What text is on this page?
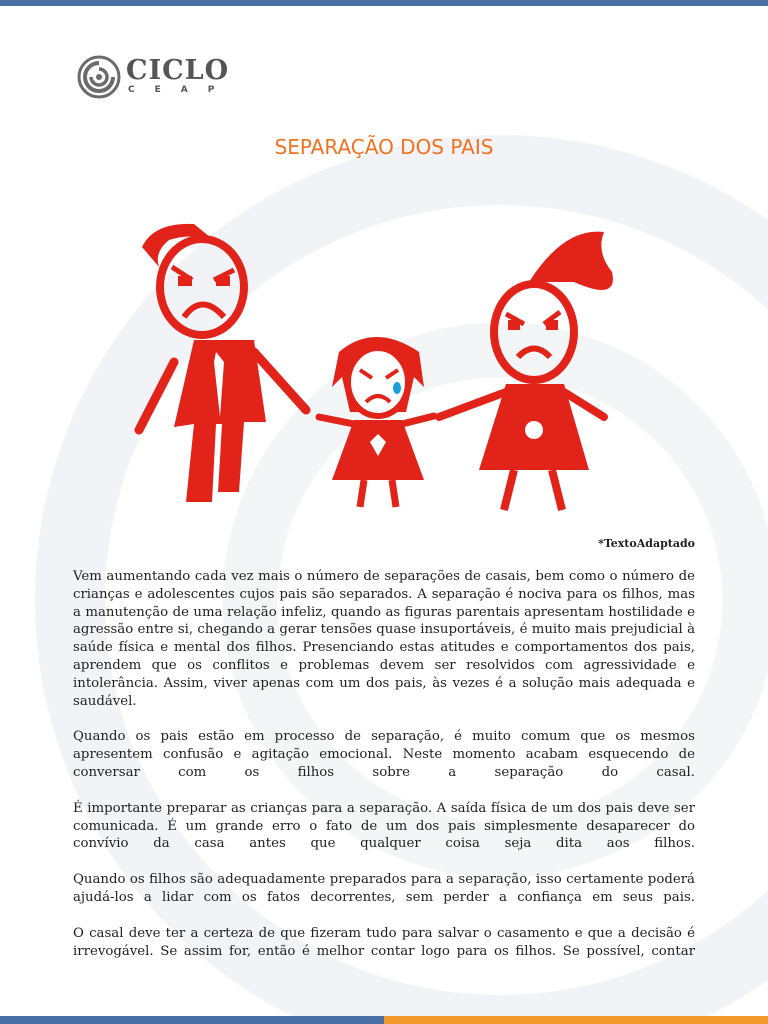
CICLO
CEAP
SEPARAÇÃO DOS PAIS
*TextoAdaptado

Vem aumentando cada vez mais o número de separações de casais, bem como o número de crianças e adolescentes cujos pais são separados. A separação é nociva para os filhos, mas a manutenção de uma relação infeliz, quando as figuras parentais apresentam hostilidade e agressão entre si, chegando a gerar tensões quase insuportáveis, é muito mais prejudicial à saúde física e mental dos filhos. Presenciando estas atitudes e comportamentos dos pais, aprendem que os conflitos e problemas devem ser resolvidos com agressividade e intolerância. Assim, viver apenas com um dos pais, às vezes é a solução mais adequada e saudável.

Quando os pais estão em processo de separação, é muito comum que os mesmos apresentem confusão e agitação emocional. Neste momento acabam esquecendo de conversar com os filhos sobre a separação do casal.

É importante preparar as crianças para a separação. A saída física de um dos pais deve ser comunicada. É um grande erro o fato de um dos pais simplesmente desaparecer do convívio da casa antes que qualquer coisa seja dita aos filhos.

Quando os filhos são adequadamente preparados para a separação, isso certamente poderá ajudá-los a lidar com os fatos decorrentes, sem perder a confiança em seus pais.

O casal deve ter a certeza de que fizeram tudo para salvar o casamento e que a decisão é irrevogável. Se assim for, então é melhor contar logo para os filhos. Se possível, contar
